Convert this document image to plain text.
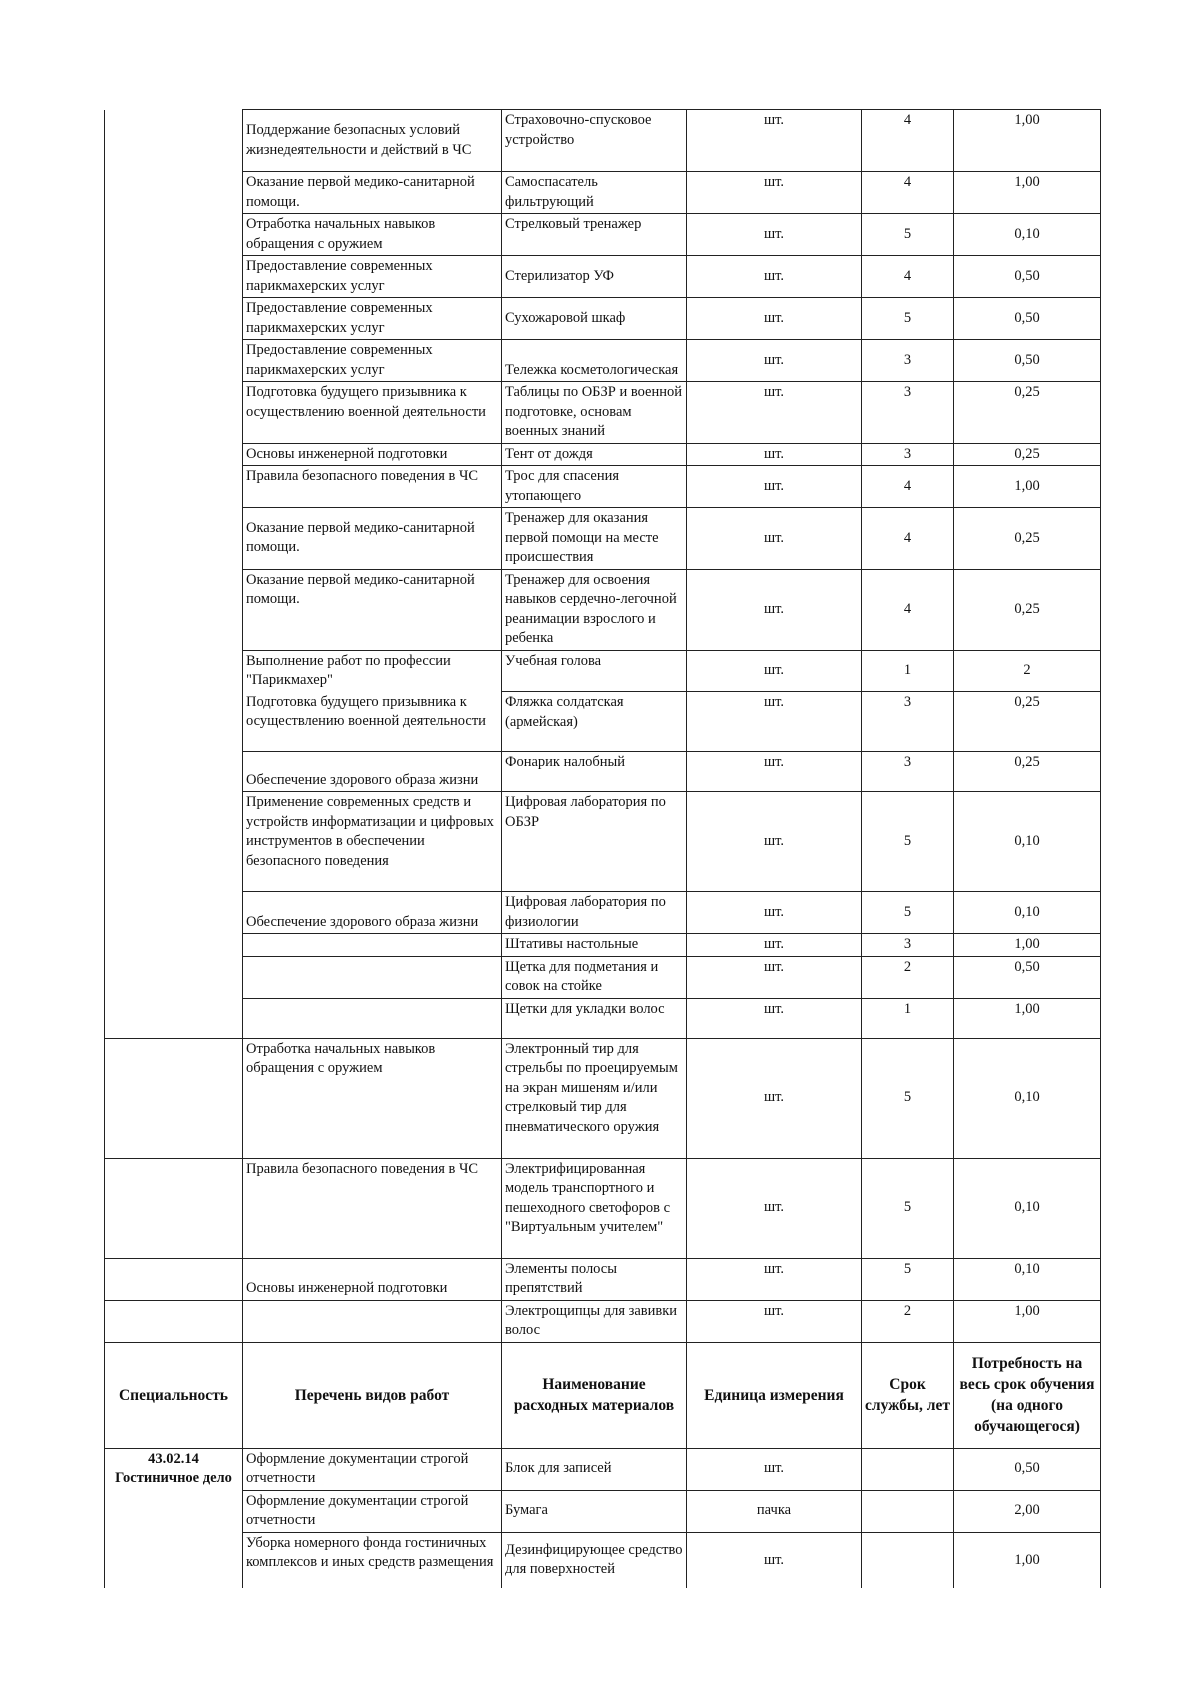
	Поддержание безопасных условий жизнедеятельности и действий в ЧС	Страховочно-спусковое устройство	шт.	4	1,00
	Оказание первой медико-санитарной помощи.	Самоспасатель фильтрующий	шт.	4	1,00
	Отработка начальных навыков обращения с оружием	Стрелковый тренажер	шт.	5	0,10
	Предоставление современных парикмахерских услуг	Стерилизатор УФ	шт.	4	0,50
	Предоставление современных парикмахерских услуг	Сухожаровой шкаф	шт.	5	0,50
	Предоставление современных парикмахерских услуг	Тележка косметологическая	шт.	3	0,50
	Подготовка будущего призывника к осуществлению военной деятельности	Таблицы по ОБЗР и военной подготовке, основам военных знаний	шт.	3	0,25
	Основы инженерной подготовки	Тент от дождя	шт.	3	0,25
	Правила безопасного поведения в ЧС	Трос для спасения утопающего	шт.	4	1,00
	Оказание первой медико-санитарной помощи.	Тренажер для оказания первой помощи на месте происшествия	шт.	4	0,25
	Оказание первой медико-санитарной помощи.	Тренажер для освоения навыков сердечно-легочной реанимации взрослого и ребенка	шт.	4	0,25
	Выполнение работ по профессии "Парикмахер"	Учебная голова	шт.	1	2
	Подготовка будущего призывника к осуществлению военной деятельности	Фляжка солдатская (армейская)	шт.	3	0,25
	Обеспечение здорового образа жизни	Фонарик налобный	шт.	3	0,25
	Применение современных средств и устройств информатизации и цифровых инструментов в обеспечении безопасного поведения	Цифровая лаборатория по ОБЗР	шт.	5	0,10
	Обеспечение здорового образа жизни	Цифровая лаборатория по физиологии	шт.	5	0,10
		Штативы настольные	шт.	3	1,00
		Щетка для подметания и совок на стойке	шт.	2	0,50
		Щетки для укладки волос	шт.	1	1,00
	Отработка начальных навыков обращения с оружием	Электронный тир для стрельбы по проецируемым на экран мишеням и/или стрелковый тир для пневматического оружия	шт.	5	0,10
	Правила безопасного поведения в ЧС	Электрифицированная модель транспортного и пешеходного светофоров с "Виртуальным учителем"	шт.	5	0,10
	Основы инженерной подготовки	Элементы полосы препятствий	шт.	5	0,10
		Электрощипцы для завивки волос	шт.	2	1,00
Специальность	Перечень видов работ	Наименование расходных материалов	Единица измерения	Срок службы, лет	Потребность на весь срок обучения (на одного обучающегося)
43.02.14 Гостиничное дело	Оформление документации строгой отчетности	Блок для записей	шт.		0,50
	Оформление документации строгой отчетности	Бумага	пачка		2,00
	Уборка номерного фонда гостиничных комплексов и иных средств размещения	Дезинфицирующее средство для поверхностей	шт.		1,00
